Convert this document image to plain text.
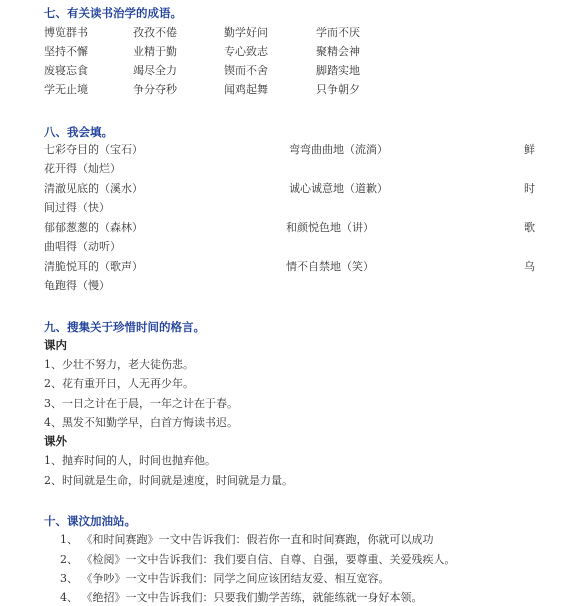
七、有关读书治学的成语。
博览群书	孜孜不倦	勤学好问	学而不厌
坚持不懈	业精于勤	专心致志	聚精会神
废寝忘食	竭尽全力	锲而不舍	脚踏实地
学无止境	争分夺秒	闻鸡起舞	只争朝夕
八、我会填。
七彩夺目的（宝石）	弯弯曲曲地（流淌）	鲜
花开得（灿烂）
清澈见底的（溪水）	诚心诚意地（道歉）	时
间过得（快）
郁郁葱葱的（森林）	和颜悦色地（讲）	歌
曲唱得（动听）
清脆悦耳的（歌声）	情不自禁地（笑）	乌
龟跑得（慢）
九、搜集关于珍惜时间的格言。
课内
1、少壮不努力，老大徒伤悲。
2、花有重开日，人无再少年。
3、一日之计在于晨，一年之计在于春。
4、黑发不知勤学早，白首方悔读书迟。
课外
1、抛弃时间的人，时间也抛弃他。
2、时间就是生命，时间就是速度，时间就是力量。
十、课汶加油站。
1、 《和时间赛跑》一文中告诉我们：假若你一直和时间赛跑，你就可以成功
2、 《检阅》一文中告诉我们：我们要自信、自尊、自强，要尊重、关爱残疾人。
3、 《争吵》一文中告诉我们：同学之间应该团结友爱、相互宽容。
4、 《绝招》一文中告诉我们：只要我们勤学苦练，就能练就一身好本领。
